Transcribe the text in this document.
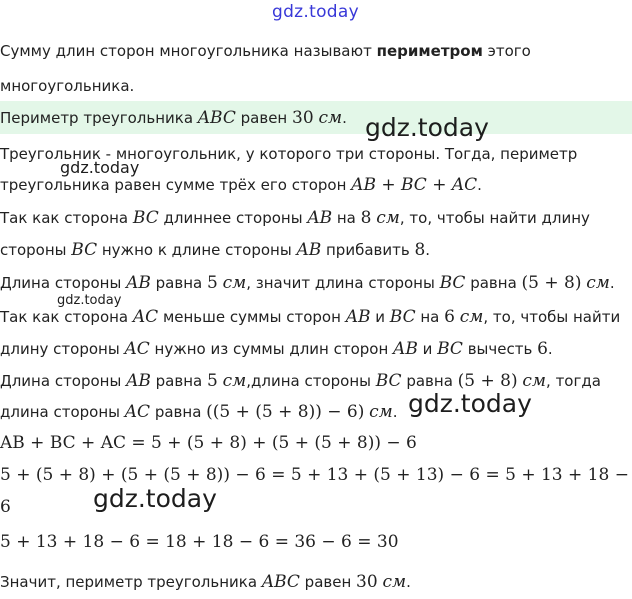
gdz.today
Сумму длин сторон многоугольника называют периметром этого
многоугольника.
Периметр треугольника ABC равен 30 см. gdz.today
Треугольник - многоугольник, у которого три стороны. Тогда, периметр
треугольника равен сумме трёх его сторон AB + BC + AC.
gdz.today
Так как сторона BC длиннее стороны AB на 8 см, то, чтобы найти длину
стороны BC нужно к длине стороны AB прибавить 8.
Длина стороны AB равна 5 см, значит длина стороны BC равна (5 + 8) см.
gdz.today
Так как сторона AC меньше суммы сторон AB и BC на 6 см, то, чтобы найти
длину стороны AC нужно из суммы длин сторон AB и BC вычесть 6.
Длина стороны AB равна 5 см,длина стороны BC равна (5 + 8) см, тогда
длина стороны AC равна ((5 + (5 + 8)) − 6) см. gdz.today
AB + BC + AC = 5 + (5 + 8) + (5 + (5 + 8)) − 6
5 + (5 + 8) + (5 + (5 + 8)) − 6 = 5 + 13 + (5 + 13) − 6 = 5 + 13 + 18 −
6	gdz.today
5 + 13 + 18 − 6 = 18 + 18 − 6 = 36 − 6 = 30
Значит, периметр треугольника ABC равен 30 см.
